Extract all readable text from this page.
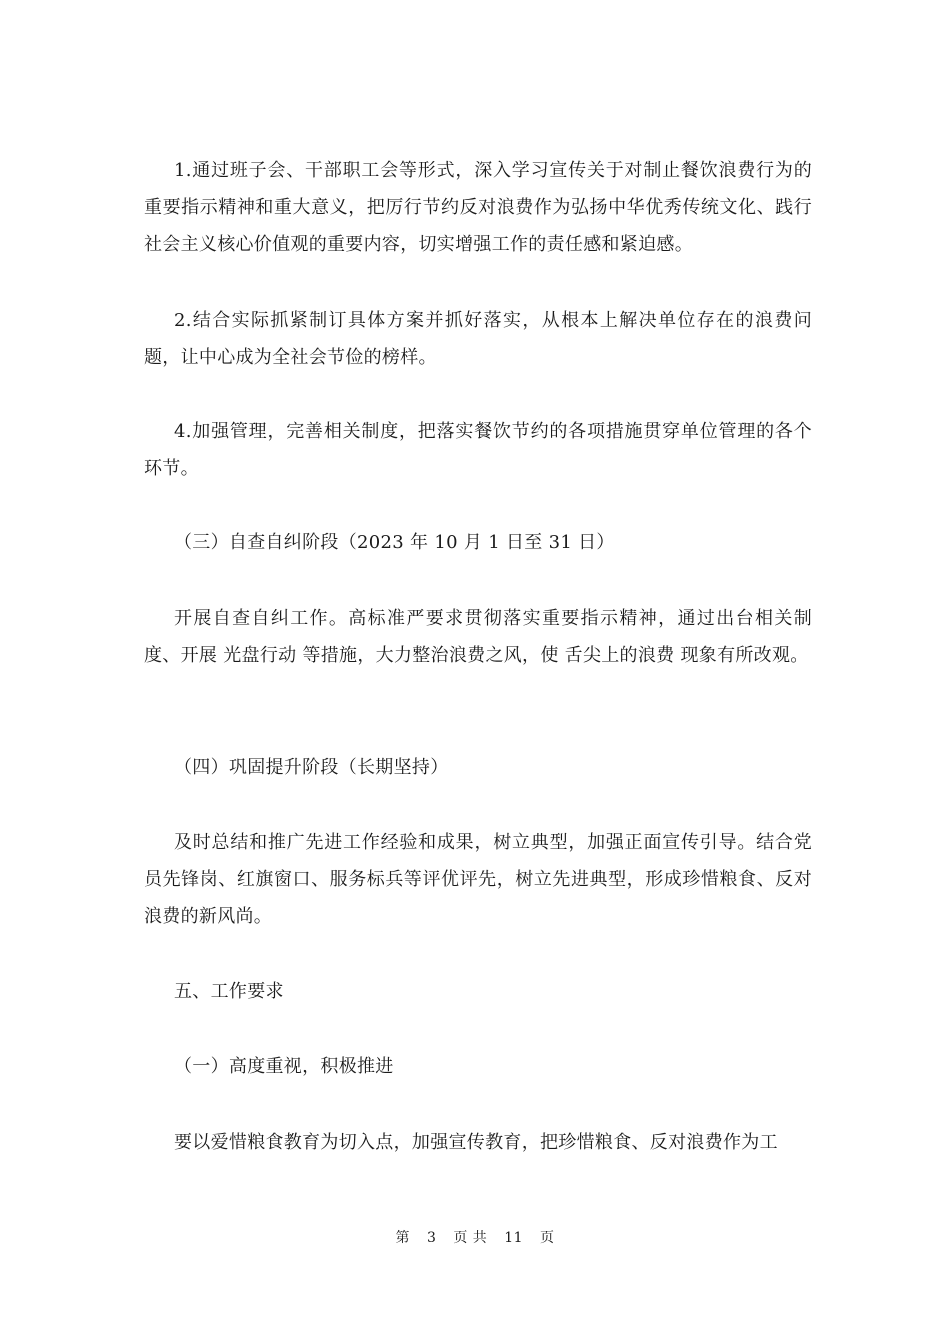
1.通过班子会、干部职工会等形式，深入学习宣传关于对制止餐饮浪费行为的重要指示精神和重大意义，把厉行节约反对浪费作为弘扬中华优秀传统文化、践行社会主义核心价值观的重要内容，切实增强工作的责任感和紧迫感。

2.结合实际抓紧制订具体方案并抓好落实，从根本上解决单位存在的浪费问题，让中心成为全社会节俭的榜样。

4.加强管理，完善相关制度，把落实餐饮节约的各项措施贯穿单位管理的各个环节。

（三）自查自纠阶段（2023 年 10 月 1 日至 31 日）

开展自查自纠工作。高标准严要求贯彻落实重要指示精神，通过出台相关制度、开展 光盘行动 等措施，大力整治浪费之风，使 舌尖上的浪费 现象有所改观。

（四）巩固提升阶段（长期坚持）

及时总结和推广先进工作经验和成果，树立典型，加强正面宣传引导。结合党员先锋岗、红旗窗口、服务标兵等评优评先，树立先进典型，形成珍惜粮食、反对浪费的新风尚。

五、工作要求

（一）高度重视，积极推进

要以爱惜粮食教育为切入点，加强宣传教育，把珍惜粮食、反对浪费作为工

第 3 页 共 11 页
